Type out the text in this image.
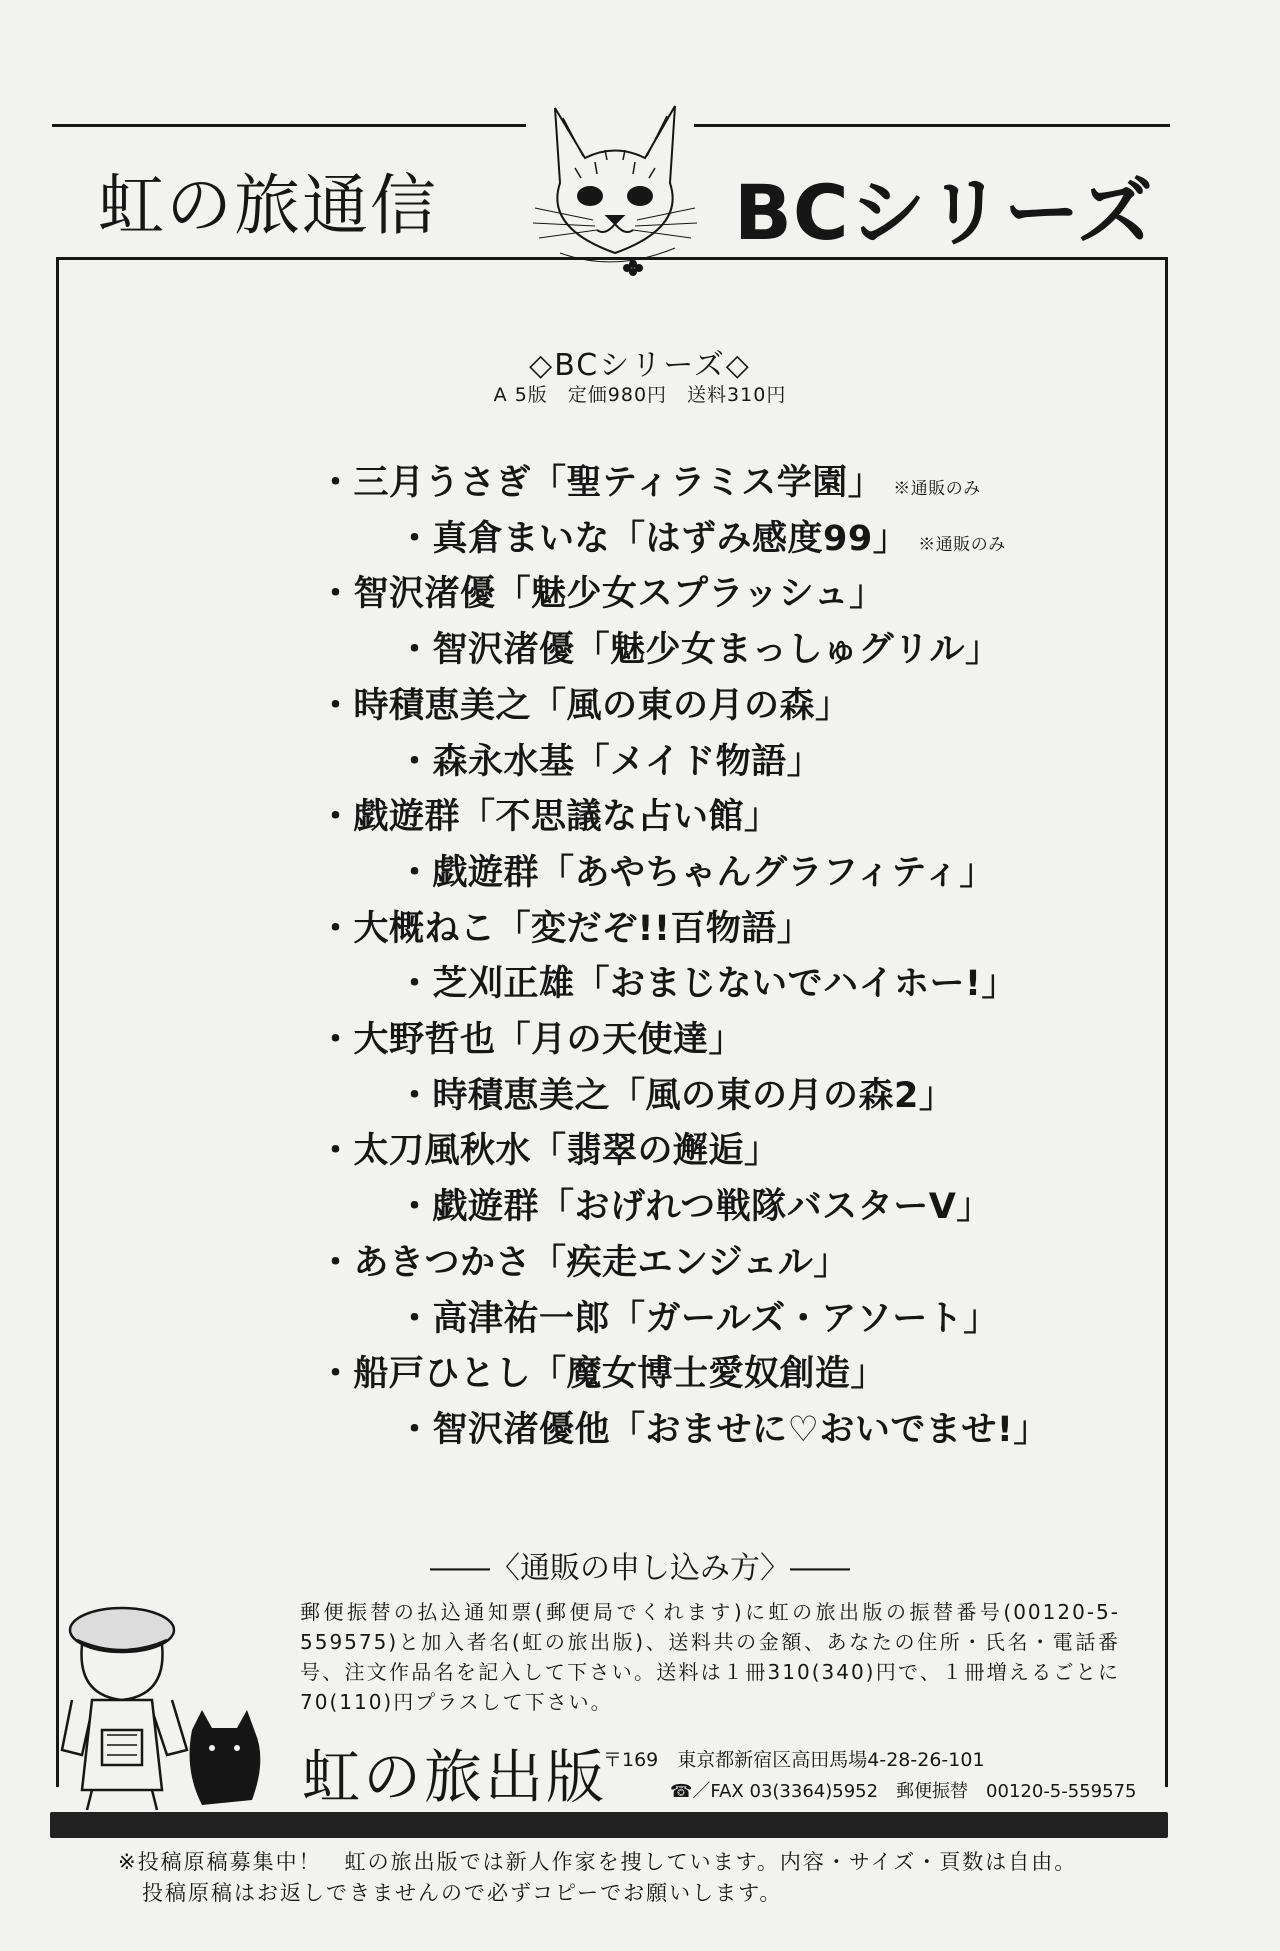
虹の旅通信	BCシリーズ
◇BCシリーズ◇
A 5版　定価980円　送料310円
・三月うさぎ「聖ティラミス学園」 ※通販のみ
・真倉まいな「はずみ感度99」 ※通販のみ
・智沢渚優「魅少女スプラッシュ」
・智沢渚優「魅少女まっしゅグリル」
・時積恵美之「風の東の月の森」
・森永水基「メイド物語」
・戯遊群「不思議な占い館」
・戯遊群「あやちゃんグラフィティ」
・大概ねこ「変だぞ!!百物語」
・芝刈正雄「おまじないでハイホー!」
・大野哲也「月の天使達」
・時積恵美之「風の東の月の森2」
・太刀風秋水「翡翠の邂逅」
・戯遊群「おげれつ戦隊バスターV」
・あきつかさ「疾走エンジェル」
・高津祐一郎「ガールズ・アソート」
・船戸ひとし「魔女博士愛奴創造」
・智沢渚優他「おませに♡おいでませ!」
――〈通販の申し込み方〉――
郵便振替の払込通知票(郵便局でくれます)に虹の旅出版の振替番号(00120-5-559575)と加入者名(虹の旅出版)、送料共の金額、あなたの住所・氏名・電話番号、注文作品名を記入して下さい。送料は１冊310(340)円で、１冊増えるごとに70(110)円プラスして下さい。
虹の旅出版
〒169　東京都新宿区高田馬場4-28-26-101
☎／FAX 03(3364)5952　郵便振替　00120-5-559575
※投稿原稿募集中！　虹の旅出版では新人作家を捜しています。内容・サイズ・頁数は自由。
投稿原稿はお返しできませんので必ずコピーでお願いします。
